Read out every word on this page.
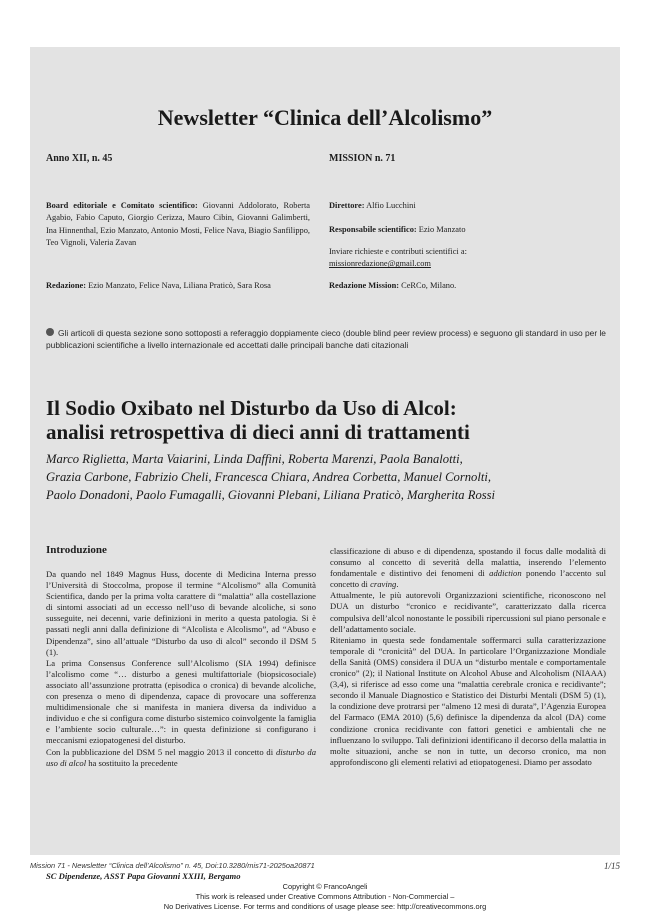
Newsletter “Clinica dell’Alcolismo”
Anno XII, n. 45	MISSION n. 71
Board editoriale e Comitato scientifico: Giovanni Addolorato, Roberta Agabio, Fabio Caputo, Giorgio Cerizza, Mauro Cibin, Giovanni Galimberti, Ina Hinnenthal, Ezio Manzato, Antonio Mosti, Felice Nava, Biagio Sanfilippo, Teo Vignoli, Valeria Zavan
Redazione: Ezio Manzato, Felice Nava, Liliana Praticò, Sara Rosa
Direttore: Alfio Lucchini
Responsabile scientifico: Ezio Manzato
Inviare richieste e contributi scientifici a:
missionredazione@gmail.com
Redazione Mission: CeRCo, Milano.
Gli articoli di questa sezione sono sottoposti a referaggio doppiamente cieco (double blind peer review process) e seguono gli standard in uso per le pubblicazioni scientifiche a livello internazionale ed accettati dalle principali banche dati citazionali
Il Sodio Oxibato nel Disturbo da Uso di Alcol:
analisi retrospettiva di dieci anni di trattamenti
Marco Riglietta, Marta Vaiarini, Linda Daffini, Roberta Marenzi, Paola Banalotti,
Grazia Carbone, Fabrizio Cheli, Francesca Chiara, Andrea Corbetta, Manuel Cornolti,
Paolo Donadoni, Paolo Fumagalli, Giovanni Plebani, Liliana Praticò, Margherita Rossi
Introduzione

Da quando nel 1849 Magnus Huss, docente di Medicina Interna presso l’Università di Stoccolma, propose il termine “Alcolismo” alla Comunità Scientifica, dando per la prima volta carattere di “malattia” alla costellazione di sintomi associati ad un eccesso nell’uso di bevande alcoliche, si sono susseguite, nei decenni, varie definizioni in merito a questa patologia. Si è passati negli anni dalla definizione di “Alcolista e Alcolismo”, ad “Abuso e Dipendenza”, sino all’attuale “Disturbo da uso di alcol” secondo il DSM 5 (1).

La prima Consensus Conference sull’Alcolismo (SIA 1994) definisce l’alcolismo come “… disturbo a genesi multifattoriale (biopsicosociale) associato all’assunzione protratta (episodica o cronica) di bevande alcoliche, con presenza o meno di dipendenza, capace di provocare una sofferenza multidimensionale che si manifesta in maniera diversa da individuo a individuo e che si configura come disturbo sistemico coinvolgente la famiglia e l’ambiente socio culturale…”: in questa definizione si configurano i meccanismi eziopatogenesi del disturbo.

Con la pubblicazione del DSM 5 nel maggio 2013 il concetto di disturbo da uso di alcol ha sostituito la precedente

classificazione di abuso e di dipendenza, spostando il focus dalle modalità di consumo al concetto di severità della malattia, inserendo l’elemento fondamentale e distintivo dei fenomeni di addiction ponendo l’accento sul concetto di craving.

Attualmente, le più autorevoli Organizzazioni scientifiche, riconoscono nel DUA un disturbo “cronico e recidivante”, caratterizzato dalla ricerca compulsiva dell’alcol nonostante le possibili ripercussioni sul piano personale e dell’adattamento sociale.

Riteniamo in questa sede fondamentale soffermarci sulla caratterizzazione temporale di “cronicità” del DUA. In particolare l’Organizzazione Mondiale della Sanità (OMS) considera il DUA un “disturbo mentale e comportamentale cronico” (2); il National Institute on Alcohol Abuse and Alcoholism (NIAAA) (3,4), si riferisce ad esso come una “malattia cerebrale cronica e recidivante”; secondo il Manuale Diagnostico e Statistico dei Disturbi Mentali (DSM 5) (1), la condizione deve protrarsi per “almeno 12 mesi di durata”, l’Agenzia Europea del Farmaco (EMA 2010) (5,6) definisce la dipendenza da alcol (DA) come condizione cronica recidivante con fattori genetici e ambientali che ne influenzano lo sviluppo. Tali definizioni identificano il decorso della malattia in molte situazioni, anche se non in tutte, un decorso cronico, ma non approfondiscono gli elementi relativi ad etiopatogenesi. Diamo per assodato

SC Dipendenze, ASST Papa Giovanni XXIII, Bergamo
Mission 71 - Newsletter “Clinica dell’Alcolismo” n. 45, Doi:10.3280/mis71-2025oa20871	1/15
Copyright © FrancoAngeli
This work is released under Creative Commons Attribution - Non-Commercial –
No Derivatives License. For terms and conditions of usage please see: http://creativecommons.org
